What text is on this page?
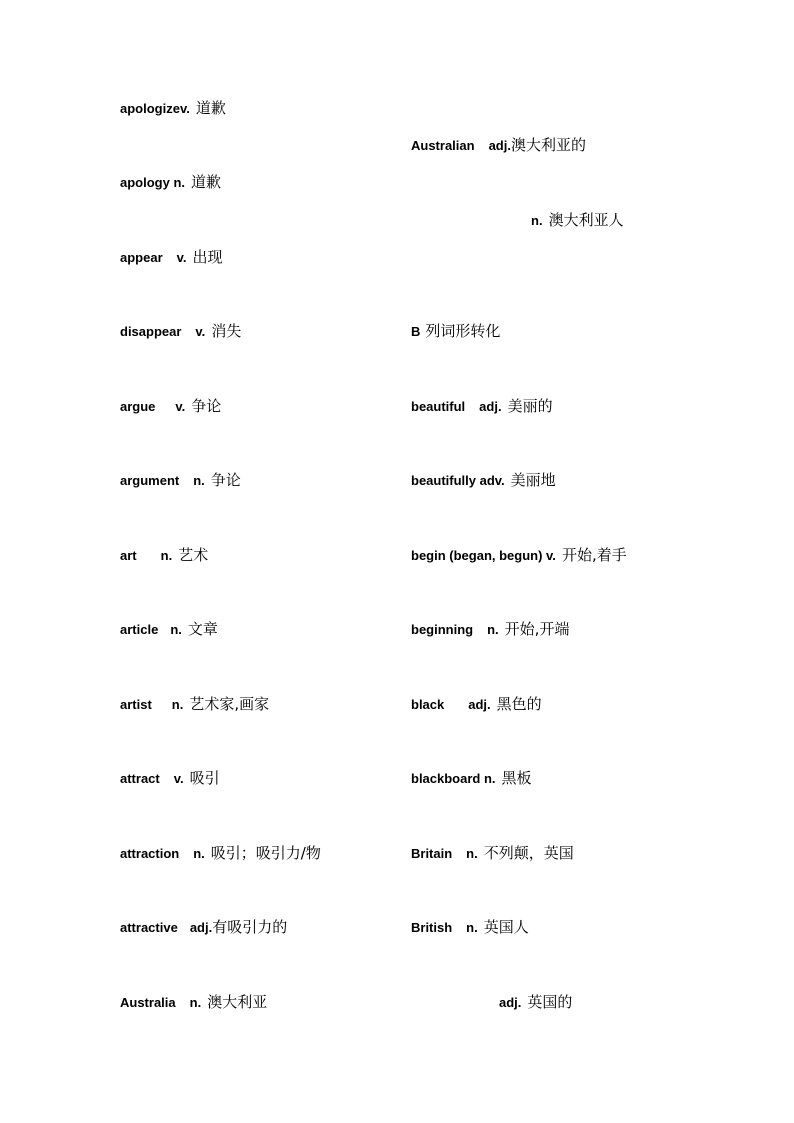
apologizev. 道歉
apology n. 道歉
appear v. 出现
disappear v. 消失
argue v. 争论
argument n. 争论
art n. 艺术
article n. 文章
artist n. 艺术家,画家
attract v. 吸引
attraction n. 吸引；吸引力/物
attractive adj.有吸引力的
Australia n. 澳大利亚
Australian adj.澳大利亚的
n. 澳大利亚人
B 列词形转化
beautiful adj. 美丽的
beautifully adv. 美丽地
begin (began, begun) v. 开始,着手
beginning n. 开始,开端
black adj. 黑色的
blackboard n. 黑板
Britain n. 不列颠，英国
British n. 英国人
adj. 英国的
